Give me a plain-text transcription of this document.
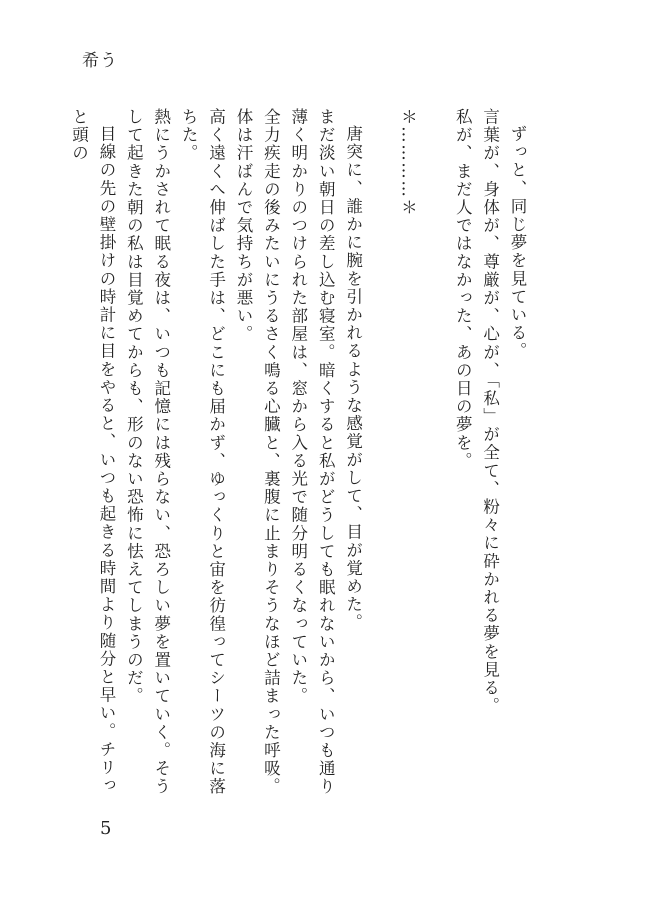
希う

ずっと、同じ夢を見ている。

言葉が、身体が、尊厳が、心が、「私」が全て、粉々に砕かれる夢を見る。

私が、まだ人ではなかった、あの日の夢を。

＊…………＊

唐突に、誰かに腕を引かれるような感覚がして、目が覚めた。

まだ淡い朝日の差し込む寝室。暗くすると私がどうしても眠れないから、いつも通り薄く明かりのつけられた部屋は、窓から入る光で随分明るくなっていた。

全力疾走の後みたいにうるさく鳴る心臓と、裏腹に止まりそうなほど詰まった呼吸。体は汗ばんで気持ちが悪い。

高く遠くへ伸ばした手は、どこにも届かず、ゆっくりと宙を彷徨ってシーツの海に落ちた。

熱にうかされて眠る夜は、いつも記憶には残らない、恐ろしい夢を置いていく。そうして起きた朝の私は目覚めてからも、形のない恐怖に怯えてしまうのだ。

目線の先の壁掛けの時計に目をやると、いつも起きる時間より随分と早い。チリっと頭の

5
